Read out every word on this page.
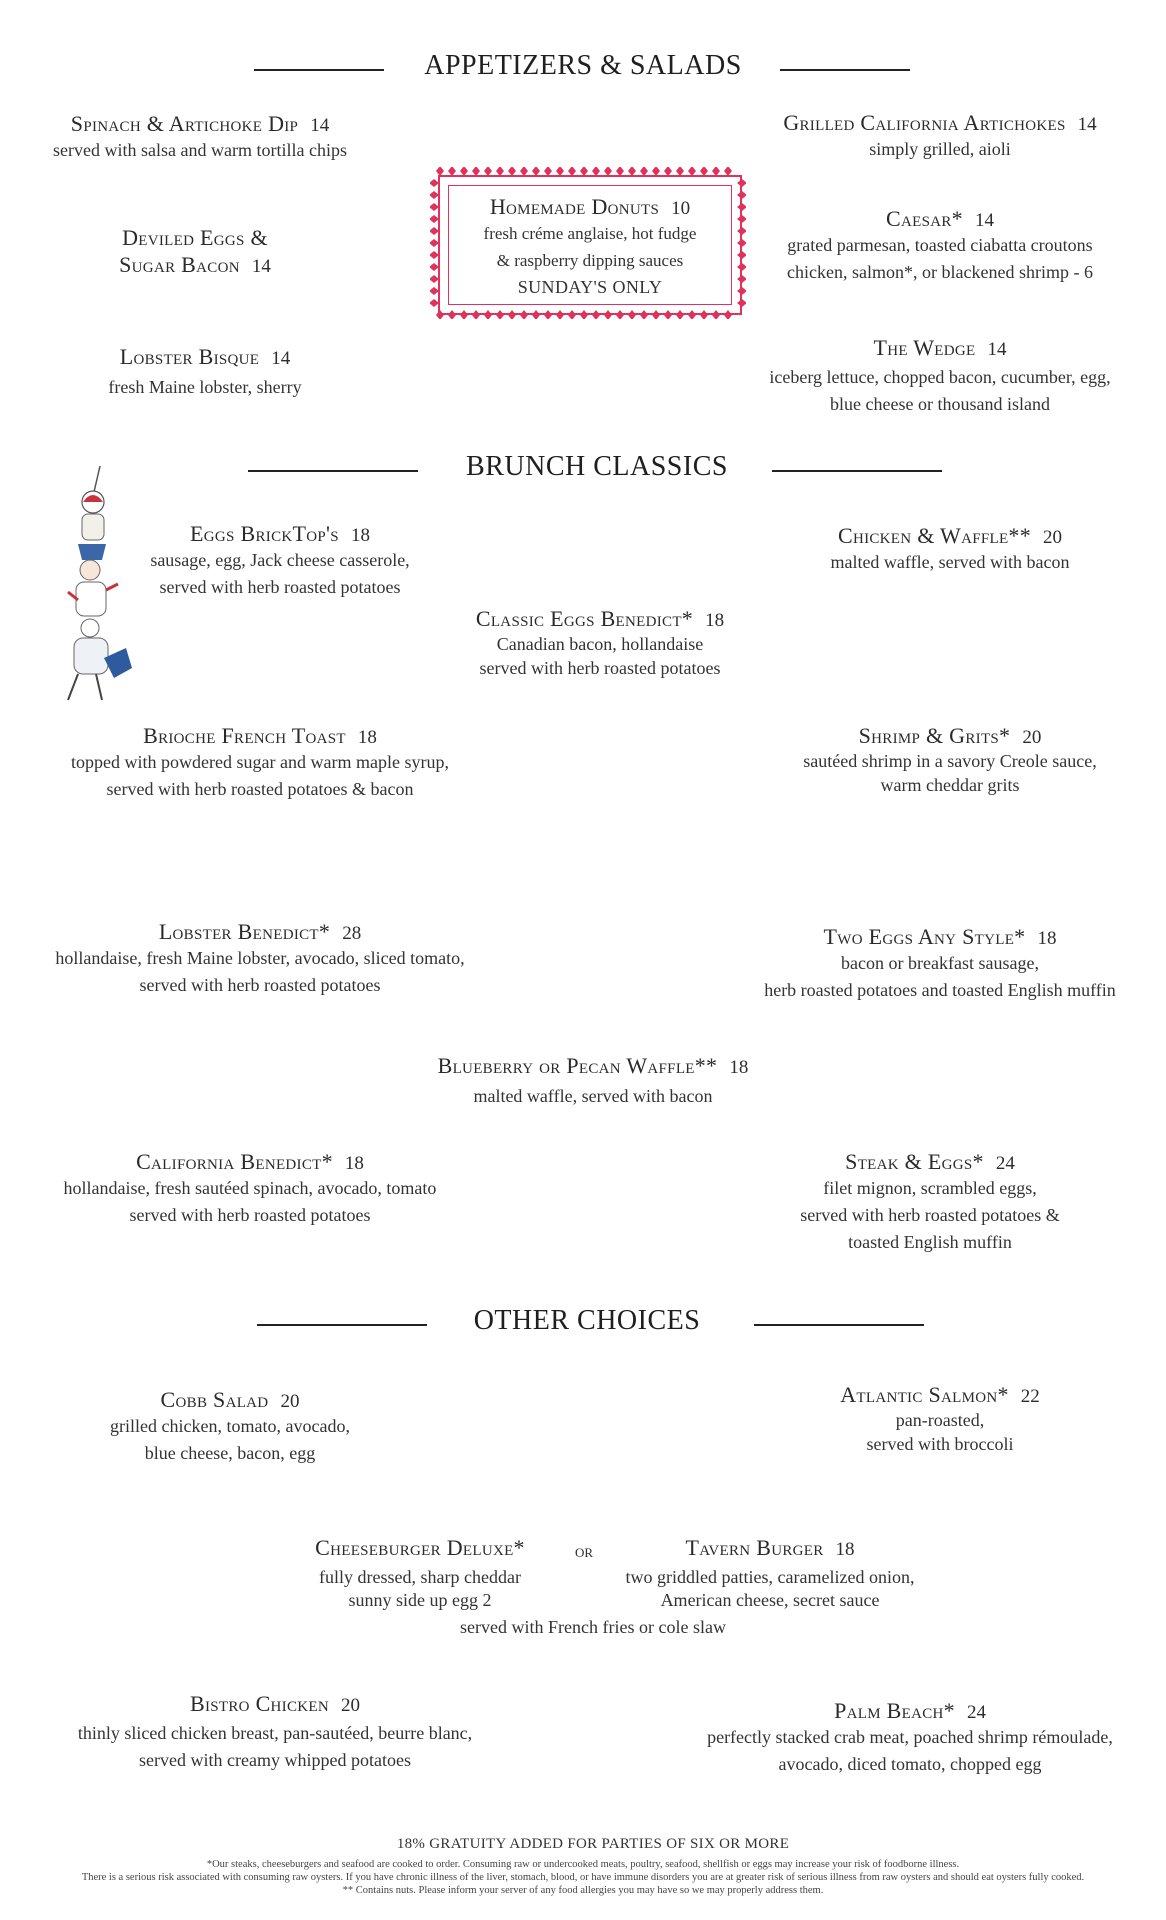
APPETIZERS & SALADS
Spinach & Artichoke Dip 14
served with salsa and warm tortilla chips
Deviled Eggs &
Sugar Bacon 14
Lobster Bisque 14
fresh Maine lobster, sherry
Homemade Donuts 10
fresh créme anglaise, hot fudge
& raspberry dipping sauces
SUNDAY'S ONLY
Grilled California Artichokes 14
simply grilled, aioli
Caesar* 14
grated parmesan, toasted ciabatta croutons
chicken, salmon*, or blackened shrimp - 6
The Wedge 14
iceberg lettuce, chopped bacon, cucumber, egg,
blue cheese or thousand island
BRUNCH CLASSICS
Eggs BrickTop's 18
sausage, egg, Jack cheese casserole,
served with herb roasted potatoes
Chicken & Waffle** 20
malted waffle, served with bacon
Classic Eggs Benedict* 18
Canadian bacon, hollandaise
served with herb roasted potatoes
Brioche French Toast 18
topped with powdered sugar and warm maple syrup,
served with herb roasted potatoes & bacon
Shrimp & Grits* 20
sautéed shrimp in a savory Creole sauce,
warm cheddar grits
Lobster Benedict* 28
hollandaise, fresh Maine lobster, avocado, sliced tomato,
served with herb roasted potatoes
Two Eggs Any Style* 18
bacon or breakfast sausage,
herb roasted potatoes and toasted English muffin
Blueberry or Pecan Waffle** 18
malted waffle, served with bacon
California Benedict* 18
hollandaise, fresh sautéed spinach, avocado, tomato
served with herb roasted potatoes
Steak & Eggs* 24
filet mignon, scrambled eggs,
served with herb roasted potatoes &
toasted English muffin
OTHER CHOICES
Cobb Salad 20
grilled chicken, tomato, avocado,
blue cheese, bacon, egg
Atlantic Salmon* 22
pan-roasted,
served with broccoli
Cheeseburger Deluxe*
fully dressed, sharp cheddar
sunny side up egg 2
or	Tavern Burger 18
two griddled patties, caramelized onion,
American cheese, secret sauce
served with French fries or cole slaw
Bistro Chicken 20
thinly sliced chicken breast, pan-sautéed, beurre blanc,
served with creamy whipped potatoes
Palm Beach* 24
perfectly stacked crab meat, poached shrimp rémoulade,
avocado, diced tomato, chopped egg
18% GRATUITY ADDED FOR PARTIES OF SIX OR MORE
*Our steaks, cheeseburgers and seafood are cooked to order. Consuming raw or undercooked meats, poultry, seafood, shellfish or eggs may increase your risk of foodborne illness.
There is a serious risk associated with consuming raw oysters. If you have chronic illness of the liver, stomach, blood, or have immune disorders you are at greater risk of serious illness from raw oysters and should eat oysters fully cooked.
** Contains nuts. Please inform your server of any food allergies you may have so we may properly address them.
